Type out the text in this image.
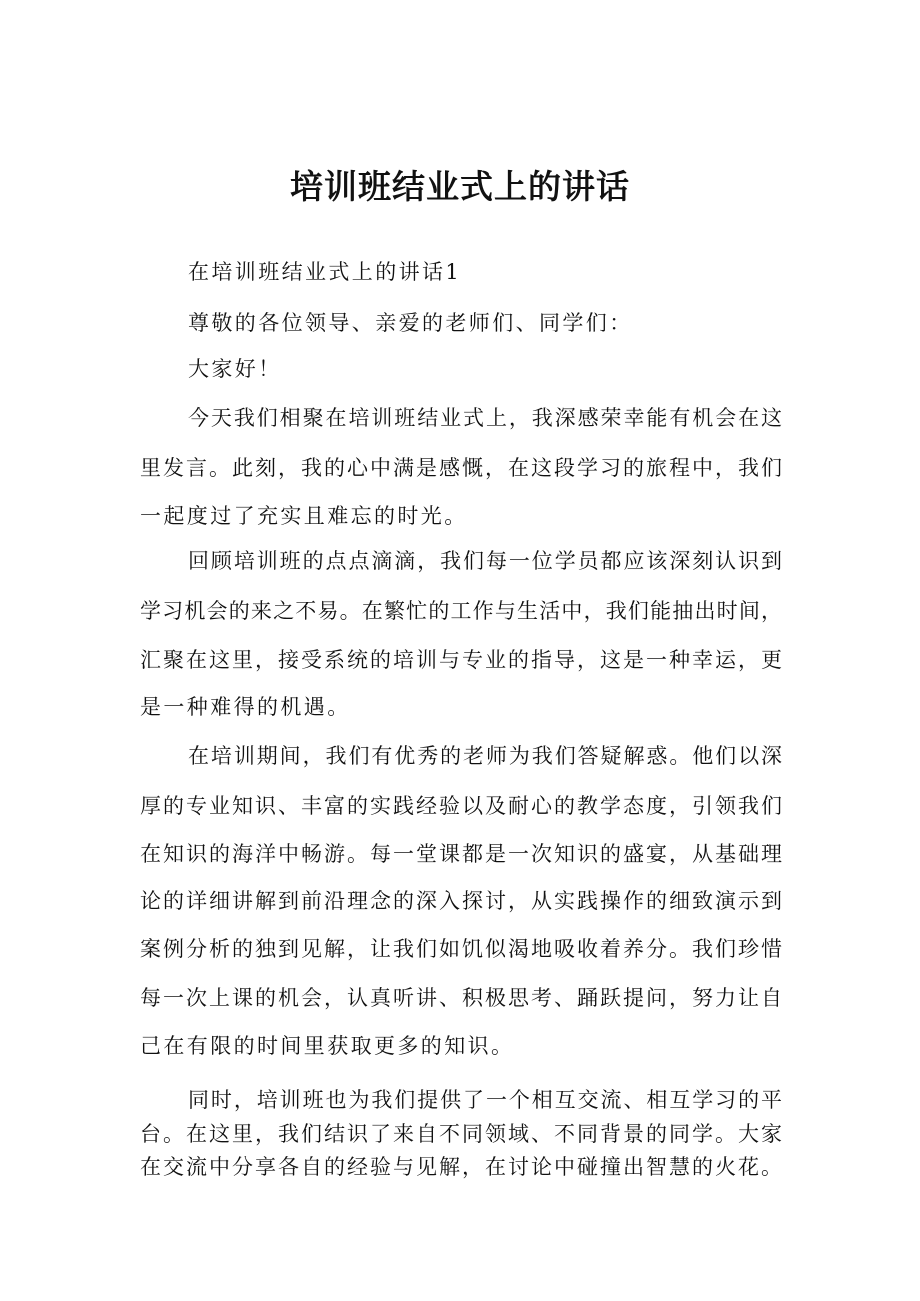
培训班结业式上的讲话

在培训班结业式上的讲话1

尊敬的各位领导、亲爱的老师们、同学们：

大家好！

今天我们相聚在培训班结业式上，我深感荣幸能有机会在这

里发言。此刻，我的心中满是感慨，在这段学习的旅程中，我们

一起度过了充实且难忘的时光。

回顾培训班的点点滴滴，我们每一位学员都应该深刻认识到

学习机会的来之不易。在繁忙的工作与生活中，我们能抽出时间，

汇聚在这里，接受系统的培训与专业的指导，这是一种幸运，更

是一种难得的机遇。

在培训期间，我们有优秀的老师为我们答疑解惑。他们以深

厚的专业知识、丰富的实践经验以及耐心的教学态度，引领我们

在知识的海洋中畅游。每一堂课都是一次知识的盛宴，从基础理

论的详细讲解到前沿理念的深入探讨，从实践操作的细致演示到

案例分析的独到见解，让我们如饥似渴地吸收着养分。我们珍惜

每一次上课的机会，认真听讲、积极思考、踊跃提问，努力让自

己在有限的时间里获取更多的知识。

同时，培训班也为我们提供了一个相互交流、相互学习的平

台。在这里，我们结识了来自不同领域、不同背景的同学。大家

在交流中分享各自的经验与见解，在讨论中碰撞出智慧的火花。
